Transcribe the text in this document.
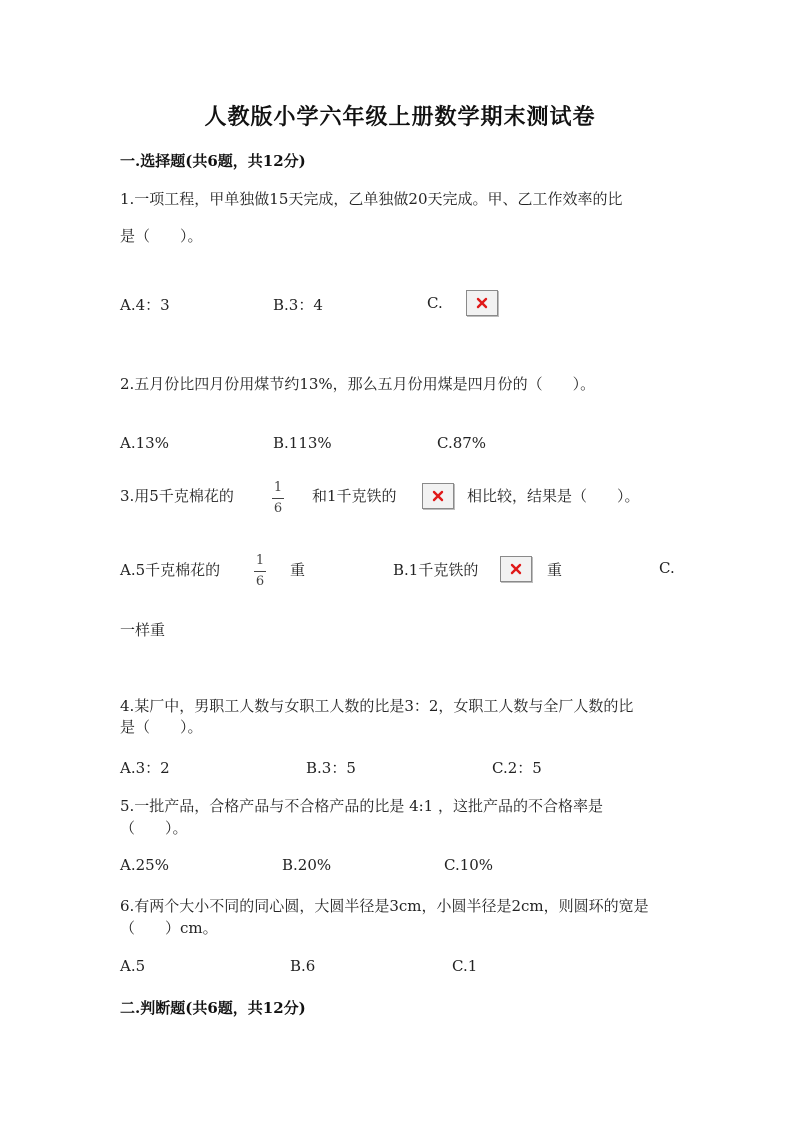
人教版小学六年级上册数学期末测试卷
一.选择题(共6题，共12分)
1.一项工程，甲单独做15天完成，乙单独做20天完成。甲、乙工作效率的比
是（　　）。
A.4：3	B.3：4	C.
2.五月份比四月份用煤节约13%，那么五月份用煤是四月份的（　　）。
A.13%	B.113%	C.87%
3.用5千克棉花的	1
6
和1千克铁的	相比较，结果是（　　）。
A.5千克棉花的
1
6
重	B.1千克铁的	重	C.
一样重
4.某厂中，男职工人数与女职工人数的比是3：2，女职工人数与全厂人数的比
是（　　）。
A.3：2	B.3：5	C.2：5
5.一批产品，合格产品与不合格产品的比是 4:1 ，这批产品的不合格率是
（　　）。
A.25%	B.20%	C.10%
6.有两个大小不同的同心圆，大圆半径是3cm，小圆半径是2cm，则圆环的宽是
（　　）cm。
A.5	B.6	C.1
二.判断题(共6题，共12分)
